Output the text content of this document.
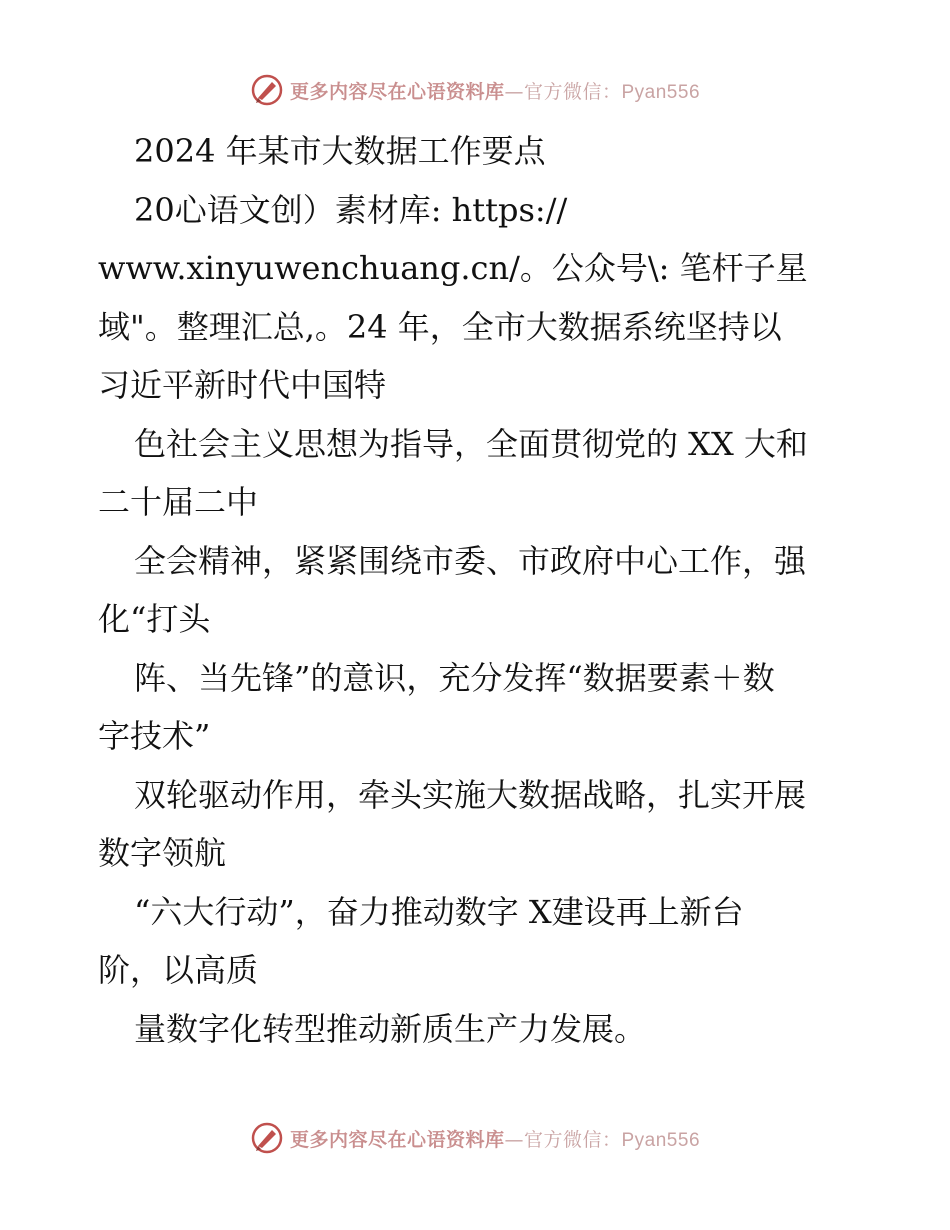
更多内容尽在心语资料库—官方微信：Pyan556
2024 年某市大数据工作要点
20心语文创）素材库: https://
www.xinyuwenchuang.cn/。公众号\: 笔杆子星
域"。整理汇总,。24 年，全市大数据系统坚持以
习近平新时代中国特
色社会主义思想为指导，全面贯彻党的 XX 大和
二十届二中
全会精神，紧紧围绕市委、市政府中心工作，强
化“打头
阵、当先锋”的意识，充分发挥“数据要素＋数
字技术”
双轮驱动作用，牵头实施大数据战略，扎实开展
数字领航
“六大行动”，奋力推动数字 X建设再上新台
阶，以高质
量数字化转型推动新质生产力发展。
更多内容尽在心语资料库—官方微信：Pyan556
